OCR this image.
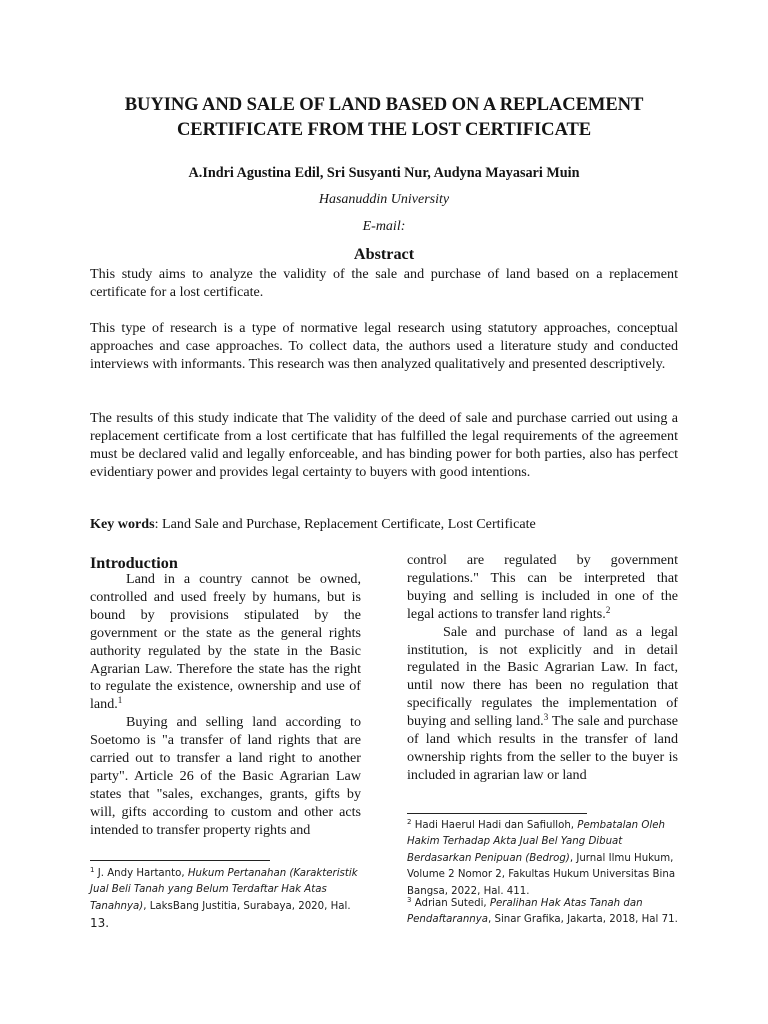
BUYING AND SALE OF LAND BASED ON A REPLACEMENT
CERTIFICATE FROM THE LOST CERTIFICATE
A.Indri Agustina Edil, Sri Susyanti Nur, Audyna Mayasari Muin
Hasanuddin University
E-mail:
Abstract
This study aims to analyze the validity of the sale and purchase of land based on a replacement certificate for a lost certificate.
This type of research is a type of normative legal research using statutory approaches, conceptual approaches and case approaches. To collect data, the authors used a literature study and conducted interviews with informants. This research was then analyzed qualitatively and presented descriptively.
The results of this study indicate that The validity of the deed of sale and purchase carried out using a replacement certificate from a lost certificate that has fulfilled the legal requirements of the agreement must be declared valid and legally enforceable, and has binding power for both parties, also has perfect evidentiary power and provides legal certainty to buyers with good intentions.
Key words: Land Sale and Purchase, Replacement Certificate, Lost Certificate
Introduction

Land in a country cannot be owned, controlled and used freely by humans, but is bound by provisions stipulated by the government or the state as the general rights authority regulated by the state in the Basic Agrarian Law. Therefore the state has the right to regulate the existence, ownership and use of land.$^1$

Buying and selling land according to Soetomo is "a transfer of land rights that are carried out to transfer a land right to another party". Article 26 of the Basic Agrarian Law states that "sales, exchanges, grants, gifts by will, gifts according to custom and other acts intended to transfer property rights and

control are regulated by government regulations." This can be interpreted that buying and selling is included in one of the legal actions to transfer land rights.$^2$

Sale and purchase of land as a legal institution, is not explicitly and in detail regulated in the Basic Agrarian Law. In fact, until now there has been no regulation that specifically regulates the implementation of buying and selling land.$^3$ The sale and purchase of land which results in the transfer of land ownership rights from the seller to the buyer is included in agrarian law or land

$^1$ J. Andy Hartanto, Hukum Pertanahan (Karakteristik Jual Beli Tanah yang Belum Terdaftar Hak Atas Tanahnya), LaksBang Justitia, Surabaya, 2020, Hal.
13.
$^2$ Hadi Haerul Hadi dan Safiulloh, Pembatalan Oleh Hakim Terhadap Akta Jual Bel Yang Dibuat Berdasarkan Penipuan (Bedrog), Jurnal Ilmu Hukum, Volume 2 Nomor 2, Fakultas Hukum Universitas Bina Bangsa, 2022, Hal. 411.
$^3$ Adrian Sutedi, Peralihan Hak Atas Tanah dan Pendaftarannya, Sinar Grafika, Jakarta, 2018, Hal 71.
